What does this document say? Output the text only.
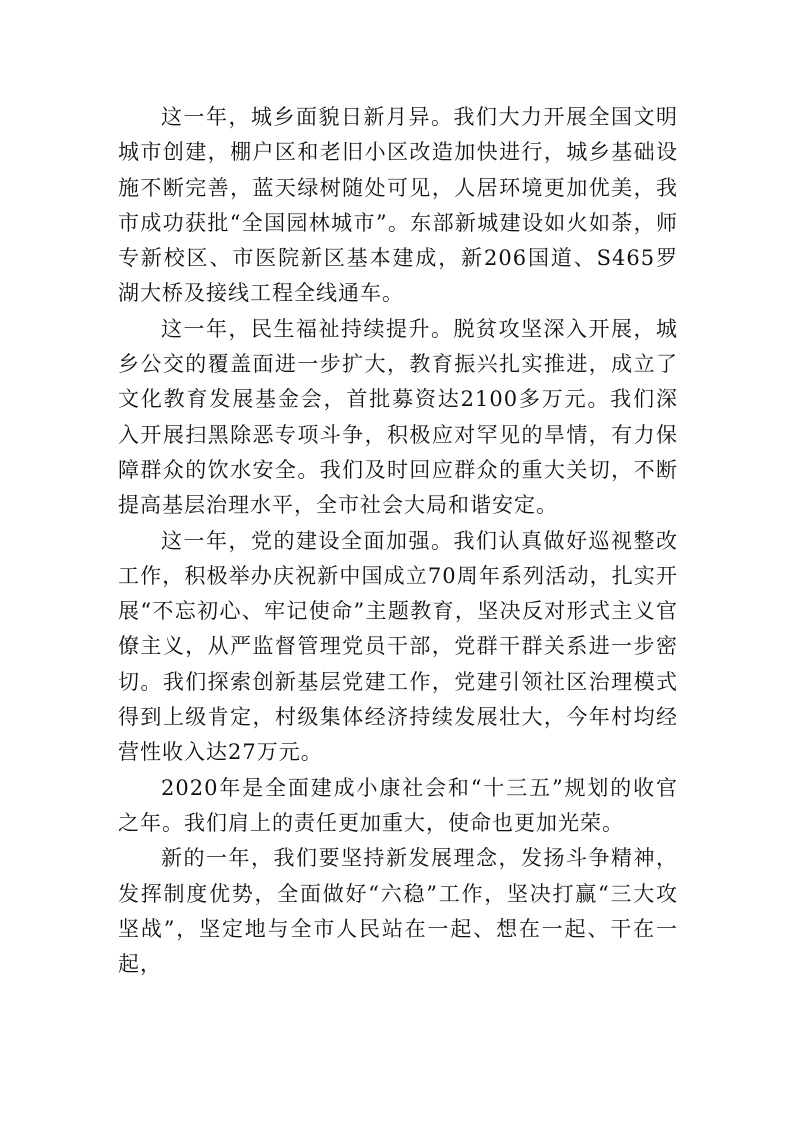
这一年，城乡面貌日新月异。我们大力开展全国文明城市创建，棚户区和老旧小区改造加快进行，城乡基础设施不断完善，蓝天绿树随处可见，人居环境更加优美，我市成功获批“全国园林城市”。东部新城建设如火如荼，师专新校区、市医院新区基本建成，新206国道、S465罗湖大桥及接线工程全线通车。

这一年，民生福祉持续提升。脱贫攻坚深入开展，城乡公交的覆盖面进一步扩大，教育振兴扎实推进，成立了文化教育发展基金会，首批募资达2100多万元。我们深入开展扫黑除恶专项斗争，积极应对罕见的旱情，有力保障群众的饮水安全。我们及时回应群众的重大关切，不断提高基层治理水平，全市社会大局和谐安定。

这一年，党的建设全面加强。我们认真做好巡视整改工作，积极举办庆祝新中国成立70周年系列活动，扎实开展“不忘初心、牢记使命”主题教育，坚决反对形式主义官僚主义，从严监督管理党员干部，党群干群关系进一步密切。我们探索创新基层党建工作，党建引领社区治理模式得到上级肯定，村级集体经济持续发展壮大，今年村均经营性收入达27万元。

2020年是全面建成小康社会和“十三五”规划的收官之年。我们肩上的责任更加重大，使命也更加光荣。

新的一年，我们要坚持新发展理念，发扬斗争精神，发挥制度优势，全面做好“六稳”工作，坚决打赢“三大攻坚战”，坚定地与全市人民站在一起、想在一起、干在一起，
